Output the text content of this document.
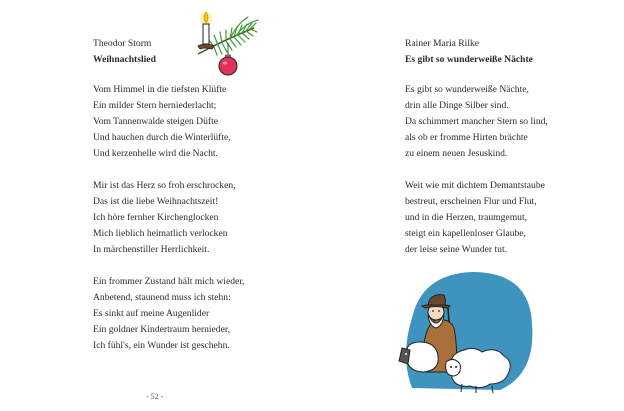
Theodor Storm

Weihnachtslied

Vom Himmel in die tiefsten Klüfte
Ein milder Stern herniederlacht;
Vom Tannenwalde steigen Düfte
Und hauchen durch die Winterlüfte,
Und kerzenhelle wird die Nacht.
Mir ist das Herz so froh erschrocken,
Das ist die liebe Weihnachtszeit!
Ich höre fernher Kirchenglocken
Mich lieblich heimatlich verlocken
In märchenstiller Herrlichkeit.
Ein frommer Zustand hält mich wieder,
Anbetend, staunend muss ich stehn:
Es sinkt auf meine Augenlider
Ein goldner Kindertraum hernieder,
Ich fühl's, ein Wunder ist geschehn.

Rainer Maria Rilke

Es gibt so wunderweiße Nächte

Es gibt so wunderweiße Nächte,
drin alle Dinge Silber sind.
Da schimmert mancher Stern so lind,
als ob er fromme Hirten brächte
zu einem neuen Jesuskind.
Weit wie mit dichtem Demantstaube
bestreut, erscheinen Flur und Flut,
und in die Herzen, traumgemut,
steigt ein kapellenloser Glaube,
der leise seine Wunder tut.
- 52 -
